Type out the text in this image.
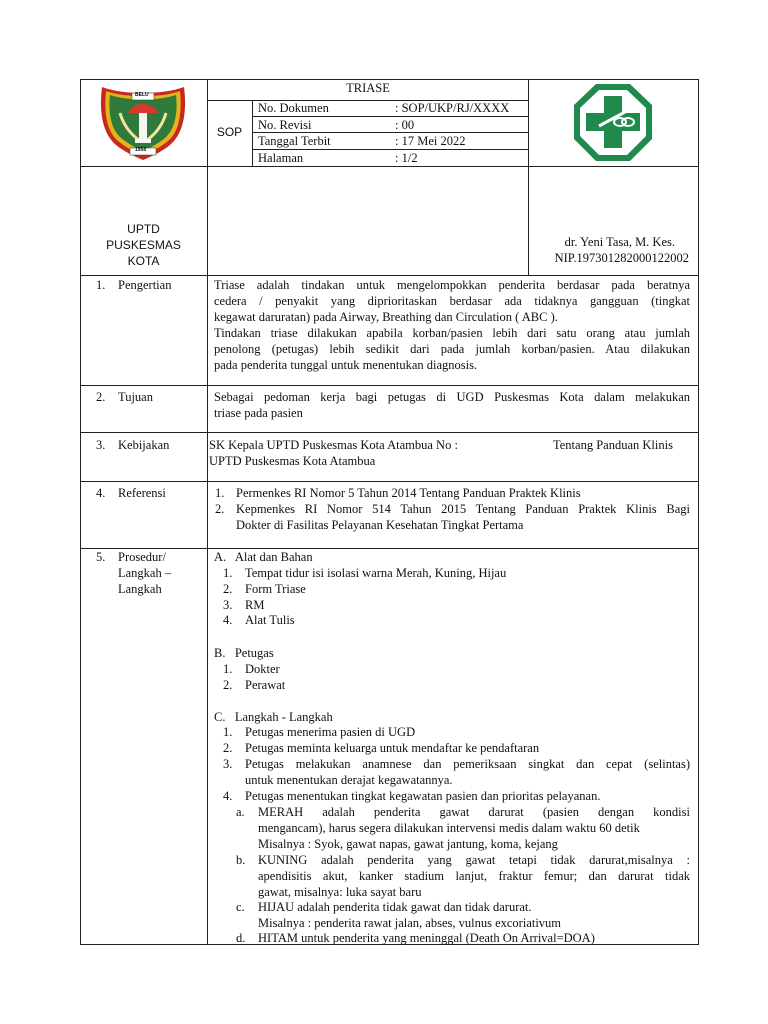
BELU
1958
TRIASE
SOP
No. Dokumen	: SOP/UKP/RJ/XXXX
No. Revisi	: 00
Tanggal Terbit	: 17 Mei 2022
Halaman	: 1/2
UPTD
PUSKESMAS
KOTA
dr. Yeni Tasa, M. Kes.
NIP.197301282000122002
1. Pengertian	Triase adalah tindakan untuk mengelompokkan penderita berdasar pada beratnya
cedera / penyakit yang diprioritaskan berdasar ada tidaknya gangguan (tingkat
kegawat daruratan) pada Airway, Breathing dan Circulation ( ABC ).
Tindakan triase dilakukan apabila korban/pasien lebih dari satu orang atau jumlah
penolong (petugas) lebih sedikit dari pada jumlah korban/pasien. Atau dilakukan
pada penderita tunggal untuk menentukan diagnosis.
2. Tujuan	Sebagai pedoman kerja bagi petugas di UGD Puskesmas Kota dalam melakukan
triase pada pasien
3. Kebijakan	SK Kepala UPTD Puskesmas Kota Atambua No :	Tentang Panduan Klinis
UPTD Puskesmas Kota Atambua
4. Referensi	1. Permenkes RI Nomor 5 Tahun 2014 Tentang Panduan Praktek Klinis
2. Kepmenkes RI Nomor 514 Tahun 2015 Tentang Panduan Praktek Klinis Bagi
Dokter di Fasilitas Pelayanan Kesehatan Tingkat Pertama
5. Prosedur/
Langkah –
Langkah
A.   Alat dan Bahan
1. Tempat tidur isi isolasi warna Merah, Kuning, Hijau
2. Form Triase
3. RM
4. Alat Tulis
B.   Petugas
1. Dokter
2. Perawat
C.   Langkah - Langkah
1. Petugas menerima pasien di UGD
2. Petugas meminta keluarga untuk mendaftar ke pendaftaran
3. Petugas melakukan anamnese dan pemeriksaan singkat dan cepat (selintas)
untuk menentukan derajat kegawatannya.
4. Petugas menentukan tingkat kegawatan pasien dan prioritas pelayanan.
a. MERAH adalah penderita gawat darurat (pasien dengan kondisi
mengancam), harus segera dilakukan intervensi medis dalam waktu 60 detik
Misalnya : Syok, gawat napas, gawat jantung, koma, kejang
b. KUNING adalah penderita yang gawat tetapi tidak darurat,misalnya :
apendisitis akut, kanker stadium lanjut, fraktur femur; dan darurat tidak
gawat, misalnya: luka sayat baru
c. HIJAU adalah penderita tidak gawat dan tidak darurat.
Misalnya : penderita rawat jalan, abses, vulnus excoriativum
d. HITAM untuk penderita yang meninggal (Death On Arrival=DOA)
